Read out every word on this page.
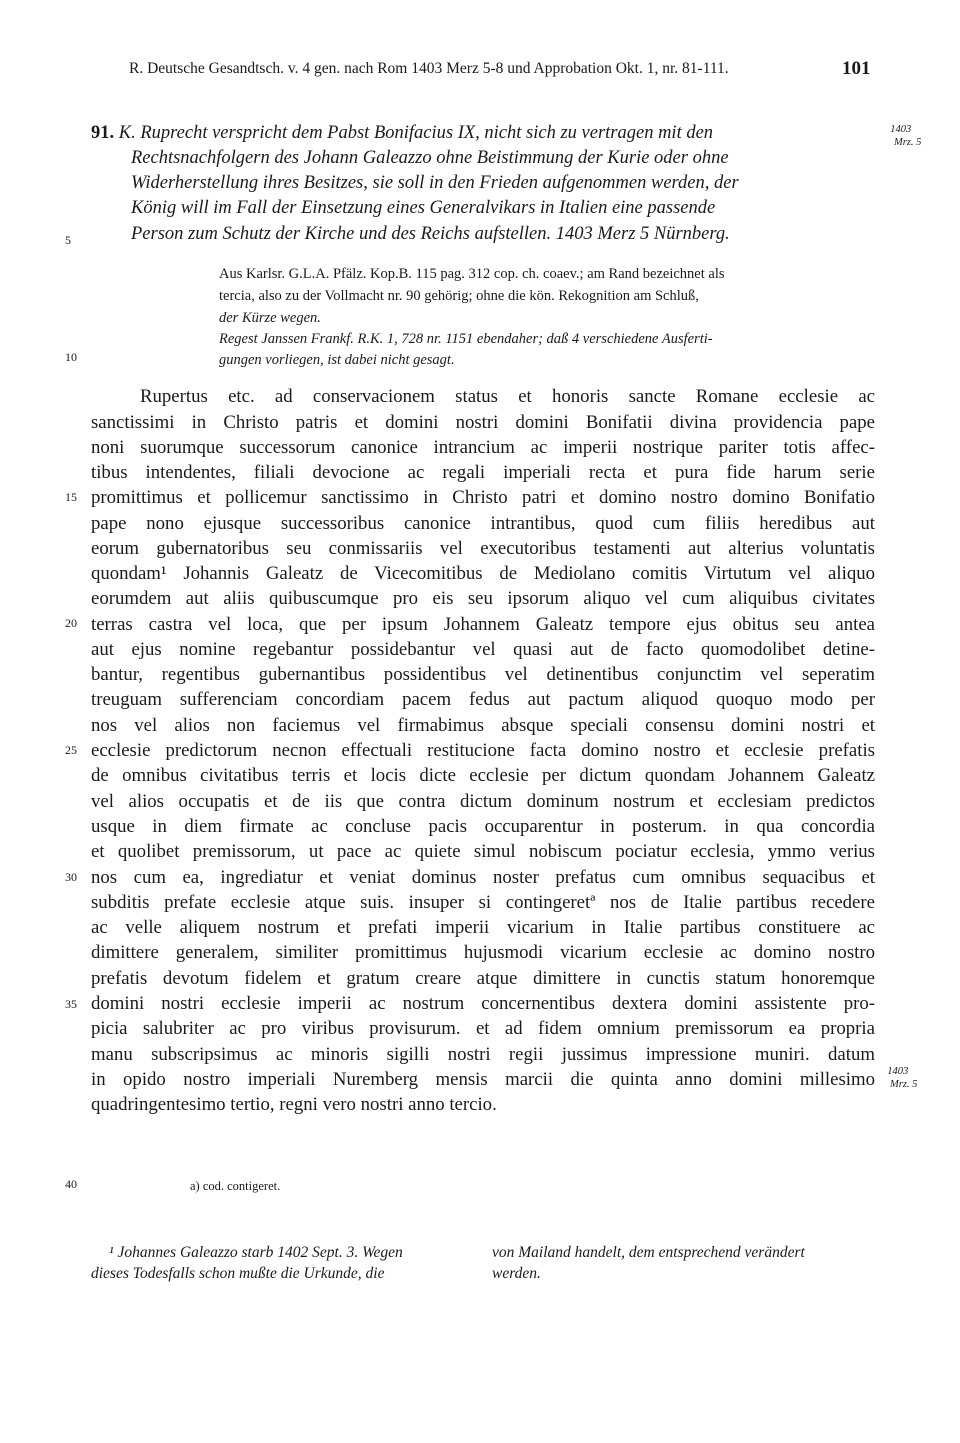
R. Deutsche Gesandtsch. v. 4 gen. nach Rom 1403 Merz 5-8 und Approbation Okt. 1, nr. 81-111.	101
91. K. Ruprecht verspricht dem Pabst Bonifacius IX, nicht sich zu vertragen mit den
Rechtsnachfolgern des Johann Galeazzo ohne Beistimmung der Kurie oder ohne
Widerherstellung ihres Besitzes, sie soll in den Frieden aufgenommen werden, der
König will im Fall der Einsetzung eines Generalvikars in Italien eine passende
Person zum Schutz der Kirche und des Reichs aufstellen. 1403 Merz 5 Nürnberg.
Aus Karlsr. G.L.A. Pfälz. Kop.B. 115 pag. 312 cop. ch. coaev.; am Rand bezeichnet als
tercia, also zu der Vollmacht nr. 90 gehörig; ohne die kön. Rekognition am Schluß,
der Kürze wegen.
Regest Janssen Frankf. R.K. 1, 728 nr. 1151 ebendaher; daß 4 verschiedene Ausferti-
gungen vorliegen, ist dabei nicht gesagt.
5
10
15
20
25
30
35
40
1403
Mrz. 5
1403
Mrz. 5
Rupertus etc. ad conservacionem status et honoris sancte Romane ecclesie ac
sanctissimi in Christo patris et domini nostri domini Bonifatii divina providencia pape
noni suorumque successorum canonice intrancium ac imperii nostrique pariter totis affec-
tibus intendentes, filiali devocione ac regali imperiali recta et pura fide harum serie
promittimus et pollicemur sanctissimo in Christo patri et domino nostro domino Bonifatio
pape nono ejusque successoribus canonice intrantibus, quod cum filiis heredibus aut
eorum gubernatoribus seu conmissariis vel executoribus testamenti aut alterius voluntatis
quondam¹ Johannis Galeatz de Vicecomitibus de Mediolano comitis Virtutum vel aliquo
eorumdem aut aliis quibuscumque pro eis seu ipsorum aliquo vel cum aliquibus civitates
terras castra vel loca, que per ipsum Johannem Galeatz tempore ejus obitus seu antea
aut ejus nomine regebantur possidebantur vel quasi aut de facto quomodolibet detine-
bantur, regentibus gubernantibus possidentibus vel detinentibus conjunctim vel seperatim
treuguam sufferenciam concordiam pacem fedus aut pactum aliquod quoquo modo per
nos vel alios non faciemus vel firmabimus absque speciali consensu domini nostri et
ecclesie predictorum necnon effectuali restitucione facta domino nostro et ecclesie prefatis
de omnibus civitatibus terris et locis dicte ecclesie per dictum quondam Johannem Galeatz
vel alios occupatis et de iis que contra dictum dominum nostrum et ecclesiam predictos
usque in diem firmate ac concluse pacis occuparentur in posterum. in qua concordia
et quolibet premissorum, ut pace ac quiete simul nobiscum pociatur ecclesia, ymmo verius
nos cum ea, ingrediatur et veniat dominus noster prefatus cum omnibus sequacibus et
subditis prefate ecclesie atque suis. insuper si contingeretª nos de Italie partibus recedere
ac velle aliquem nostrum et prefati imperii vicarium in Italie partibus constituere ac
dimittere generalem, similiter promittimus hujusmodi vicarium ecclesie ac domino nostro
prefatis devotum fidelem et gratum creare atque dimittere in cunctis statum honoremque
domini nostri ecclesie imperii ac nostrum concernentibus dextera domini assistente pro-
picia salubriter ac pro viribus provisurum. et ad fidem omnium premissorum ea propria
manu subscripsimus ac minoris sigilli nostri regii jussimus impressione muniri. datum
in opido nostro imperiali Nuremberg mensis marcii die quinta anno domini millesimo
quadringentesimo tertio, regni vero nostri anno tercio.
a) cod. contigeret.
¹ Johannes Galeazzo starb 1402 Sept. 3. Wegen
dieses Todesfalls schon mußte die Urkunde, die
von Mailand handelt, dem entsprechend verändert
werden.
